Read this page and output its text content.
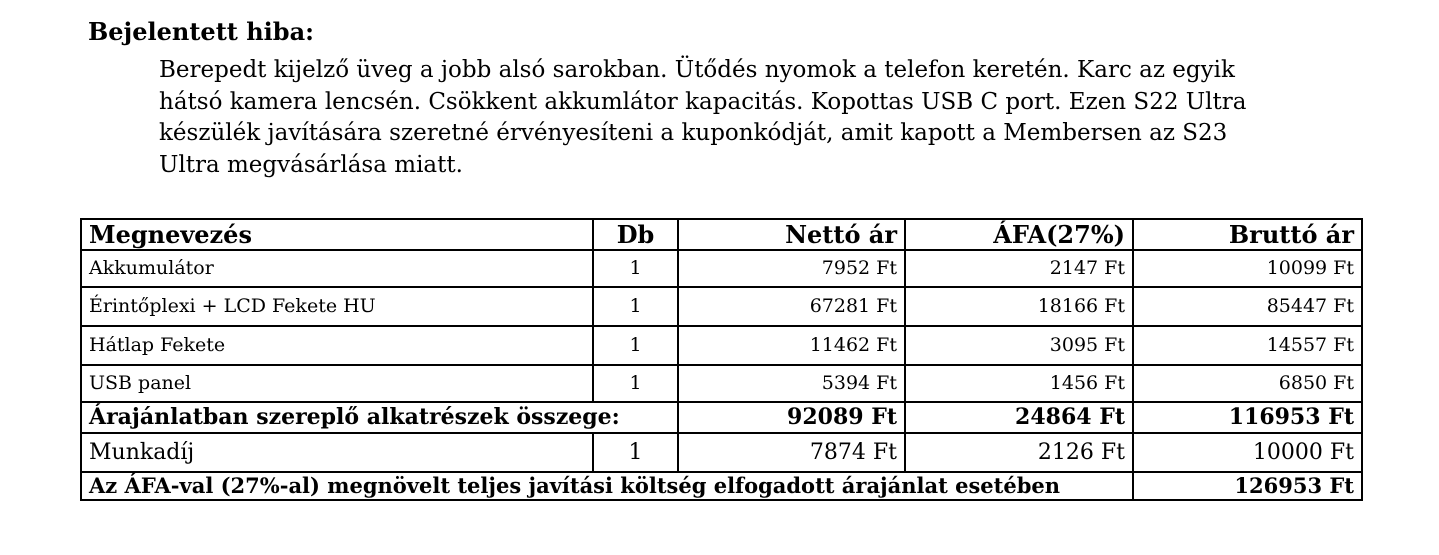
Bejelentett hiba:
Berepedt kijelző üveg a jobb alsó sarokban. Ütődés nyomok a telefon keretén. Karc az egyik
hátsó kamera lencsén. Csökkent akkumlátor kapacitás. Kopottas USB C port. Ezen S22 Ultra
készülék javítására szeretné érvényesíteni a kuponkódját, amit kapott a Membersen az S23
Ultra megvásárlása miatt.
Megnevezés	Db	Nettó ár	ÁFA(27%)	Bruttó ár
Akkumulátor	1	7952 Ft	2147 Ft	10099 Ft
Érintőplexi + LCD Fekete HU	1	67281 Ft	18166 Ft	85447 Ft
Hátlap Fekete	1	11462 Ft	3095 Ft	14557 Ft
USB panel	1	5394 Ft	1456 Ft	6850 Ft
Árajánlatban szereplő alkatrészek összege:		92089 Ft	24864 Ft	116953 Ft
Munkadíj	1	7874 Ft	2126 Ft	10000 Ft
Az ÁFA-val (27%-al) megnövelt teljes javítási költség elfogadott árajánlat esetében				126953 Ft
